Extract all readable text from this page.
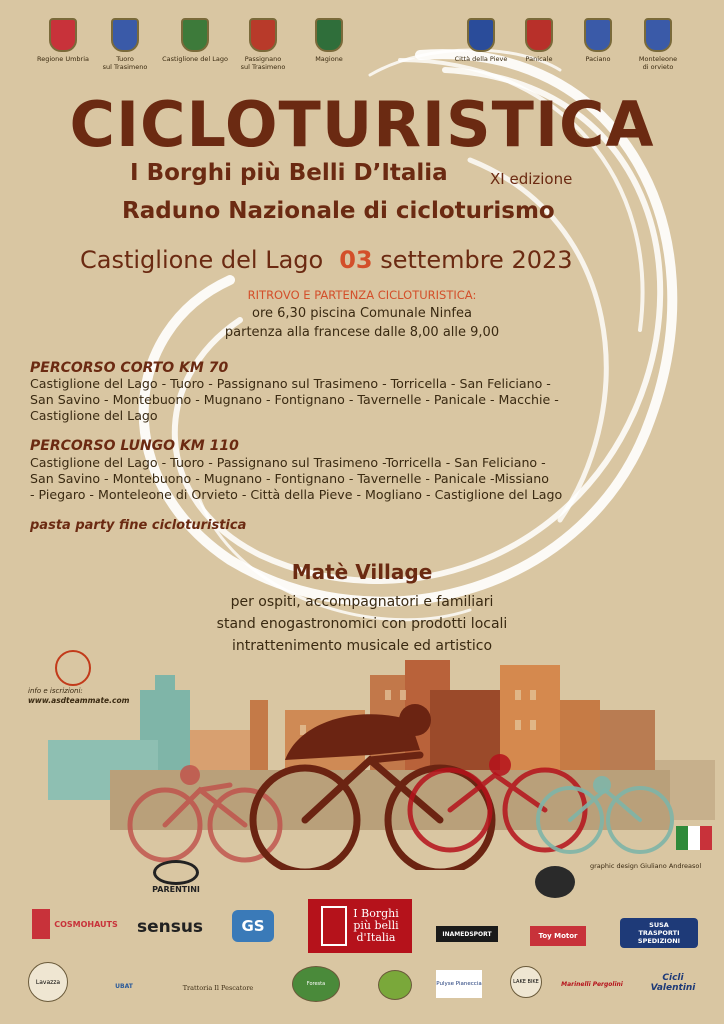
Regione Umbria	Tuoro
sul Trasimeno
Castiglione del Lago	Passignano
sul Trasimeno
Magione	Città della Pieve	Panicale	Paciano	Monteleone
di orvieto
CICLOTURISTICA
I Borghi più Belli D’Italia	XI edizione
Raduno Nazionale di cicloturismo
Castiglione del Lago 03 settembre 2023
RITROVO E PARTENZA CICLOTURISTICA:
ore 6,30 piscina Comunale Ninfea
partenza alla francese dalle 8,00 alle 9,00
PERCORSO CORTO KM 70
Castiglione del Lago - Tuoro - Passignano sul Trasimeno - Torricella - San Feliciano -
San Savino - Montebuono - Mugnano - Fontignano - Tavernelle - Panicale - Macchie -
Castiglione del Lago
PERCORSO LUNGO KM 110
Castiglione del Lago - Tuoro - Passignano sul Trasimeno -Torricella - San Feliciano -
San Savino - Montebuono - Mugnano - Fontignano - Tavernelle - Panicale -Missiano
- Piegaro - Monteleone di Orvieto - Città della Pieve - Mogliano - Castiglione del Lago
pasta party fine cicloturistica
Matè Village
per ospiti, accompagnatori e familiari
stand enogastronomici con prodotti locali
intrattenimento musicale ed artistico
info e iscrizioni:
www.asdteammate.com
graphic design Giuliano Andreasol
PARENTINI
COSMOHAUTS sensus	GS
I Borghi
più belli
d'Italia	INAMEDSPORT	Toy Motor
SUSA
TRASPORTI
SPEDIZIONI
Lavazza
UBAT	Trattoria Il Pescatore	Foresta	Pulyse Pianeccia	LAKE BIKE	Marinelli Pergolini
Cicli Valentini
